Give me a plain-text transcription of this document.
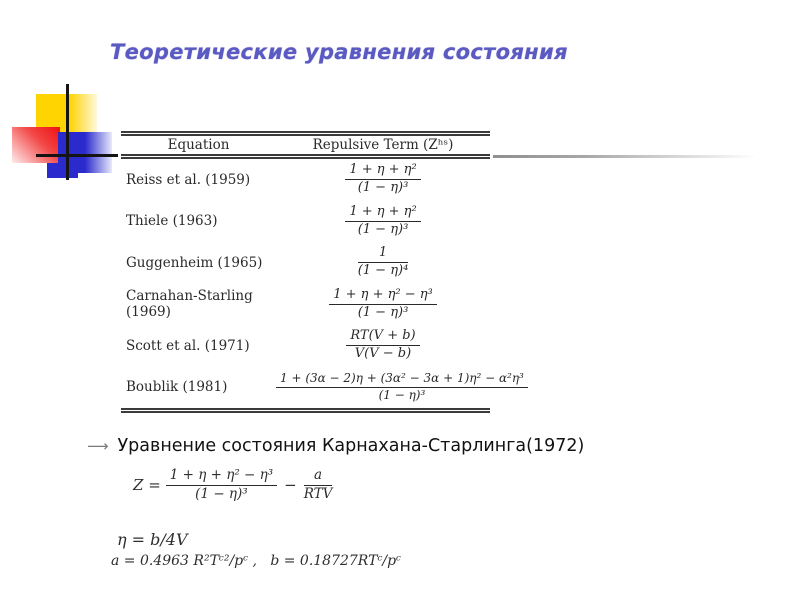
Теоретические уравнения состояния
Equation	Repulsive Term (Zʰˢ)
Reiss et al. (1959)	$\frac{\text{1 + η + η²}}{\text{(1 − η)³}}$
Thiele (1963)	$\frac{\text{1 + η + η²}}{\text{(1 − η)³}}$
Guggenheim (1965)	$\frac{1}{\text{(1 − η)⁴}}$
Carnahan-Starling (1969)	$\frac{\text{1 + η + η² − η³}}{\text{(1 − η)³}}$
Scott et al. (1971)	$\frac{RT(V + b)}{V(V - b)}$
Boublik (1981)	$\frac{\text{1 + (3α − 2)η + (3α² − 3α + 1)η² − α²η³}}{\text{(1 − η)³}}$
⟶ Уравнение состояния Карнахана-Старлинга(1972)
$Z = \frac{\text{1 + η + η² − η³}}{\text{(1 − η)³}} - \frac{a}{\text{RTV}}$
η = b/4V
a = 0.4963 R²Tᶜ²/pᶜ ,   b = 0.18727RTᶜ/pᶜ
